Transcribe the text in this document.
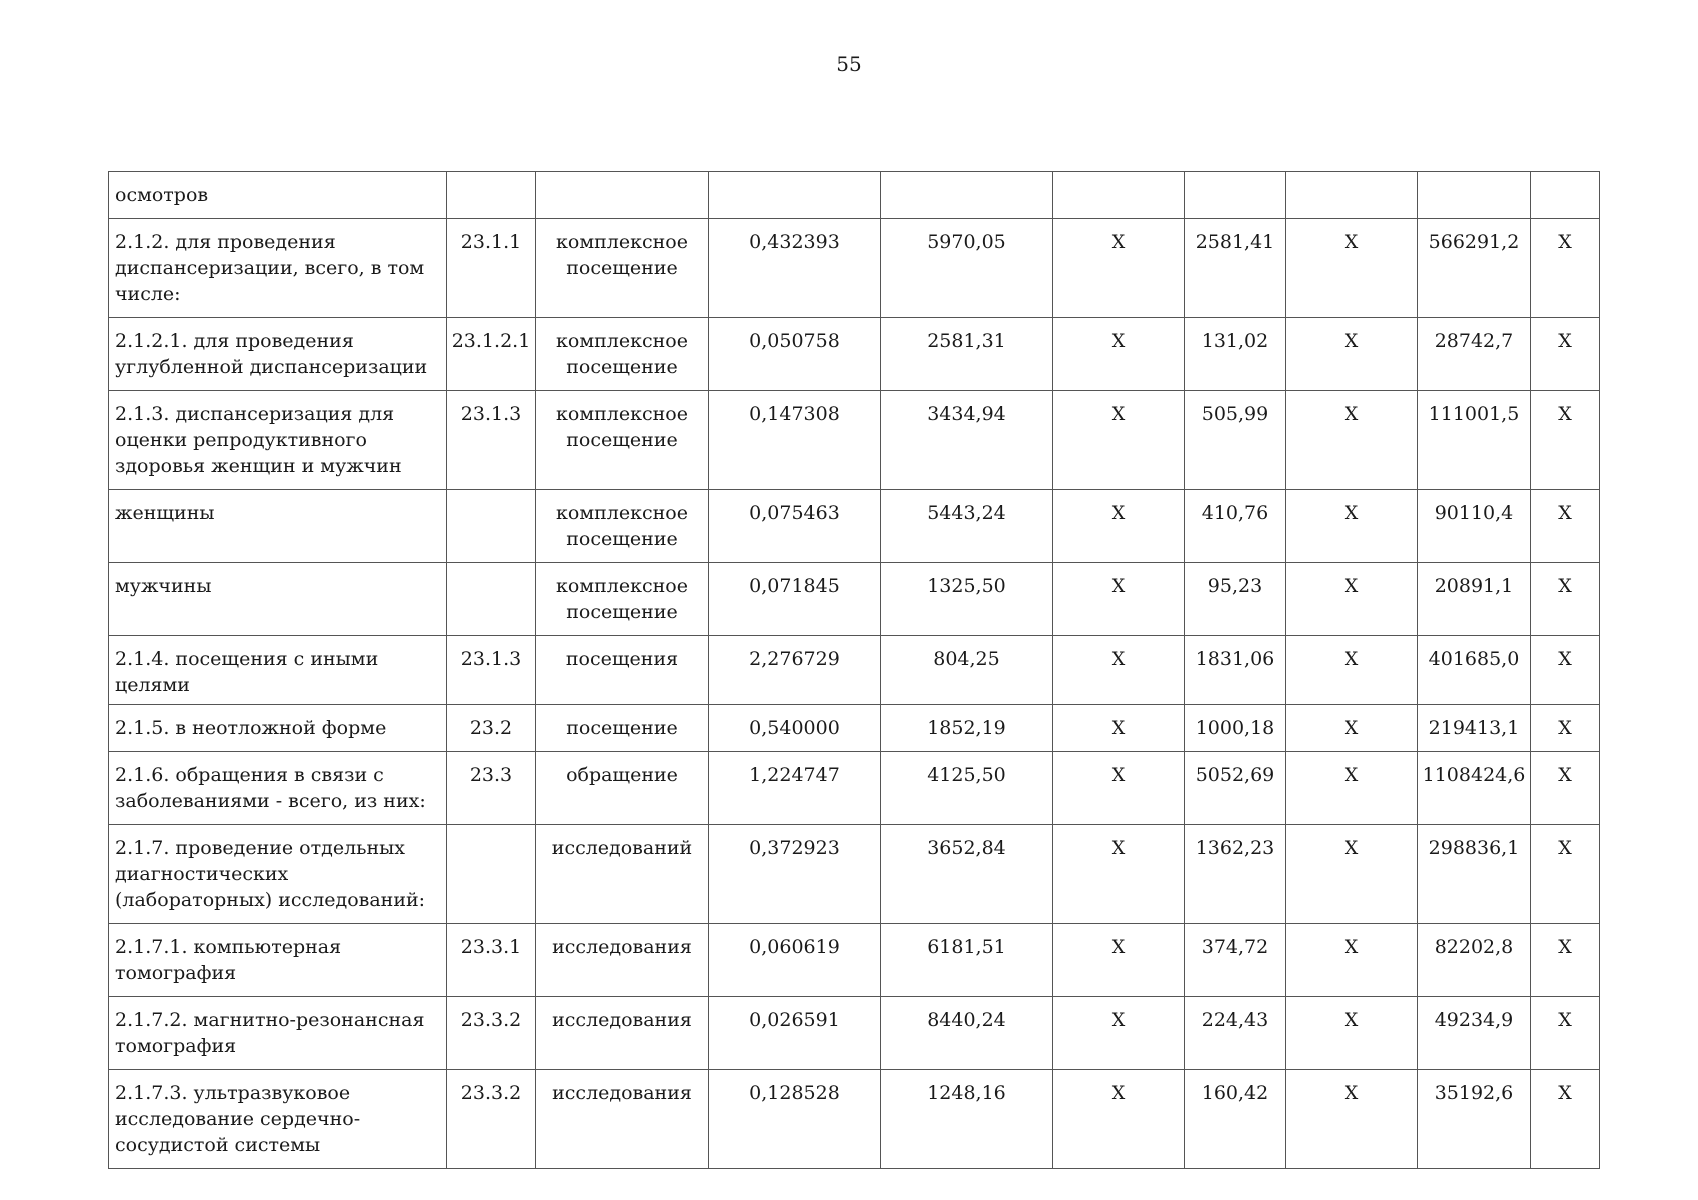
55
осмотров									
2.1.2. для проведения диспансеризации, всего, в том числе:	23.1.1	комплексное посещение	0,432393	5970,05	X	2581,41	X	566291,2	X
2.1.2.1. для проведения углубленной диспансеризации	23.1.2.1	комплексное посещение	0,050758	2581,31	X	131,02	X	28742,7	X
2.1.3. диспансеризация для оценки репродуктивного здоровья женщин и мужчин	23.1.3	комплексное посещение	0,147308	3434,94	X	505,99	X	111001,5	X
женщины		комплексное посещение	0,075463	5443,24	X	410,76	X	90110,4	X
мужчины		комплексное посещение	0,071845	1325,50	X	95,23	X	20891,1	X
2.1.4. посещения с иными целями	23.1.3	посещения	2,276729	804,25	X	1831,06	X	401685,0	X
2.1.5. в неотложной форме	23.2	посещение	0,540000	1852,19	X	1000,18	X	219413,1	X
2.1.6. обращения в связи с заболеваниями - всего, из них:	23.3	обращение	1,224747	4125,50	X	5052,69	X	1108424,6	X
2.1.7. проведение отдельных диагностических (лабораторных) исследований:		исследований	0,372923	3652,84	X	1362,23	X	298836,1	X
2.1.7.1. компьютерная томография	23.3.1	исследования	0,060619	6181,51	X	374,72	X	82202,8	X
2.1.7.2. магнитно-резонансная томография	23.3.2	исследования	0,026591	8440,24	X	224,43	X	49234,9	X
2.1.7.3. ультразвуковое исследование сердечно-сосудистой системы	23.3.2	исследования	0,128528	1248,16	X	160,42	X	35192,6	X
